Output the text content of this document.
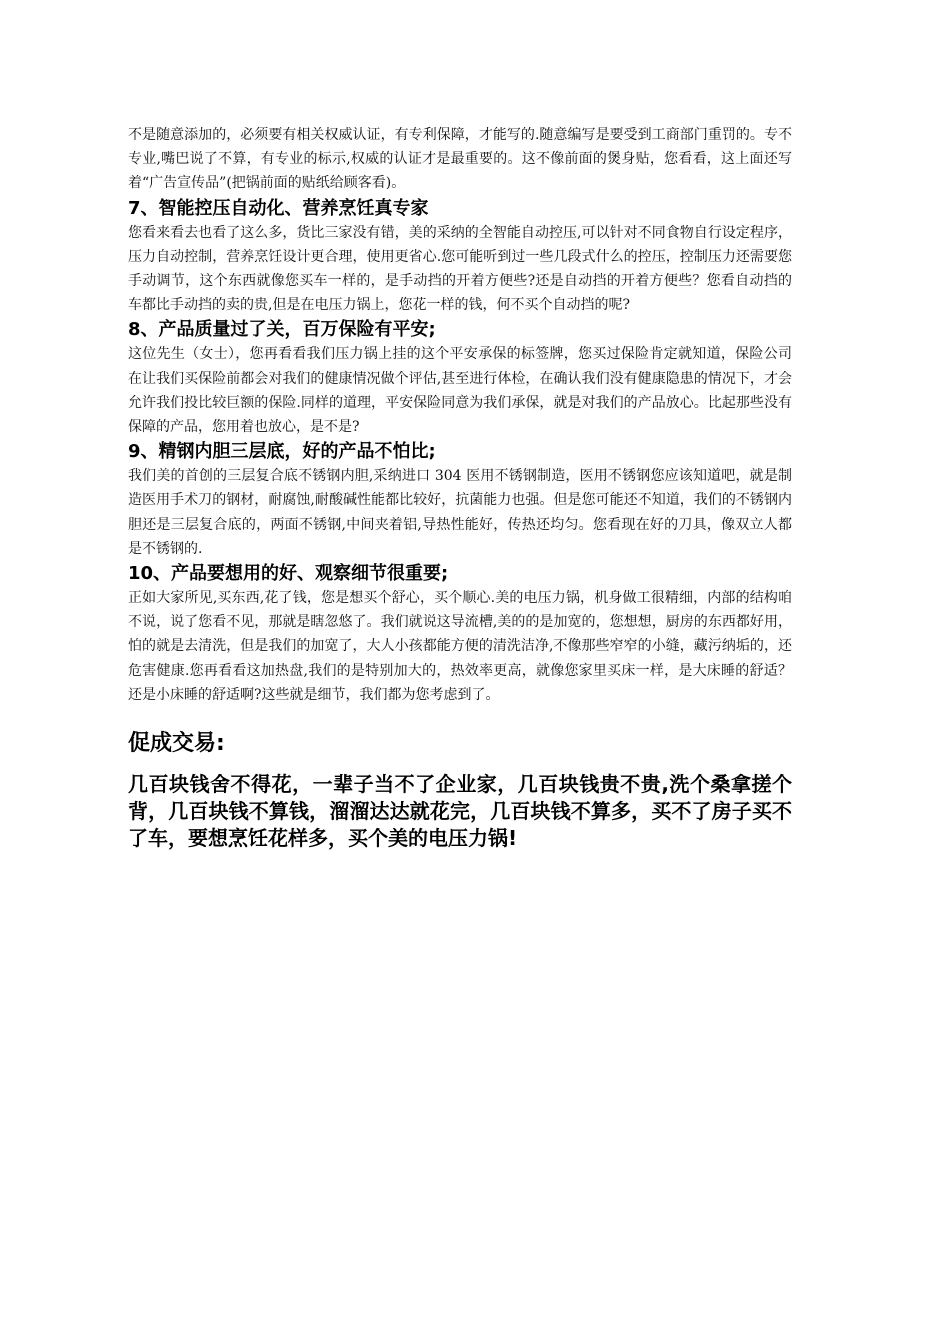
不是随意添加的，必须要有相关权威认证，有专利保障，才能写的.随意编写是要受到工商部门重罚的。专不专业,嘴巴说了不算，有专业的标示,权威的认证才是最重要的。这不像前面的煲身贴，您看看，这上面还写着“广告宣传品”(把锅前面的贴纸给顾客看)。

7、智能控压自动化、营养烹饪真专家

您看来看去也看了这么多，货比三家没有错，美的采纳的全智能自动控压,可以针对不同食物自行设定程序，压力自动控制，营养烹饪设计更合理，使用更省心.您可能听到过一些几段式什么的控压，控制压力还需要您手动调节，这个东西就像您买车一样的，是手动挡的开着方便些?还是自动挡的开着方便些？您看自动挡的车都比手动挡的卖的贵,但是在电压力锅上，您花一样的钱，何不买个自动挡的呢?

8、产品质量过了关，百万保险有平安;

这位先生（女士），您再看看我们压力锅上挂的这个平安承保的标签牌，您买过保险肯定就知道，保险公司在让我们买保险前都会对我们的健康情况做个评估,甚至进行体检，在确认我们没有健康隐患的情况下，才会允许我们投比较巨额的保险.同样的道理，平安保险同意为我们承保，就是对我们的产品放心。比起那些没有保障的产品，您用着也放心，是不是?

9、精钢内胆三层底，好的产品不怕比;

我们美的首创的三层复合底不锈钢内胆,采纳进口 304 医用不锈钢制造，医用不锈钢您应该知道吧，就是制造医用手术刀的钢材，耐腐蚀,耐酸碱性能都比较好，抗菌能力也强。但是您可能还不知道，我们的不锈钢内胆还是三层复合底的，两面不锈钢,中间夹着铝,导热性能好，传热还均匀。您看现在好的刀具，像双立人都是不锈钢的.

10、产品要想用的好、观察细节很重要;

正如大家所见,买东西,花了钱，您是想买个舒心，买个顺心.美的电压力锅，机身做工很精细，内部的结构咱不说，说了您看不见，那就是瞎忽悠了。我们就说这导流槽,美的的是加宽的，您想想，厨房的东西都好用，怕的就是去清洗，但是我们的加宽了，大人小孩都能方便的清洗洁净,不像那些窄窄的小缝，藏污纳垢的，还危害健康.您再看看这加热盘,我们的是特别加大的，热效率更高，就像您家里买床一样，是大床睡的舒适？还是小床睡的舒适啊?这些就是细节，我们都为您考虑到了。

促成交易:

几百块钱舍不得花，一辈子当不了企业家，几百块钱贵不贵,洗个桑拿搓个背，几百块钱不算钱，溜溜达达就花完，几百块钱不算多，买不了房子买不了车，要想烹饪花样多，买个美的电压力锅!
